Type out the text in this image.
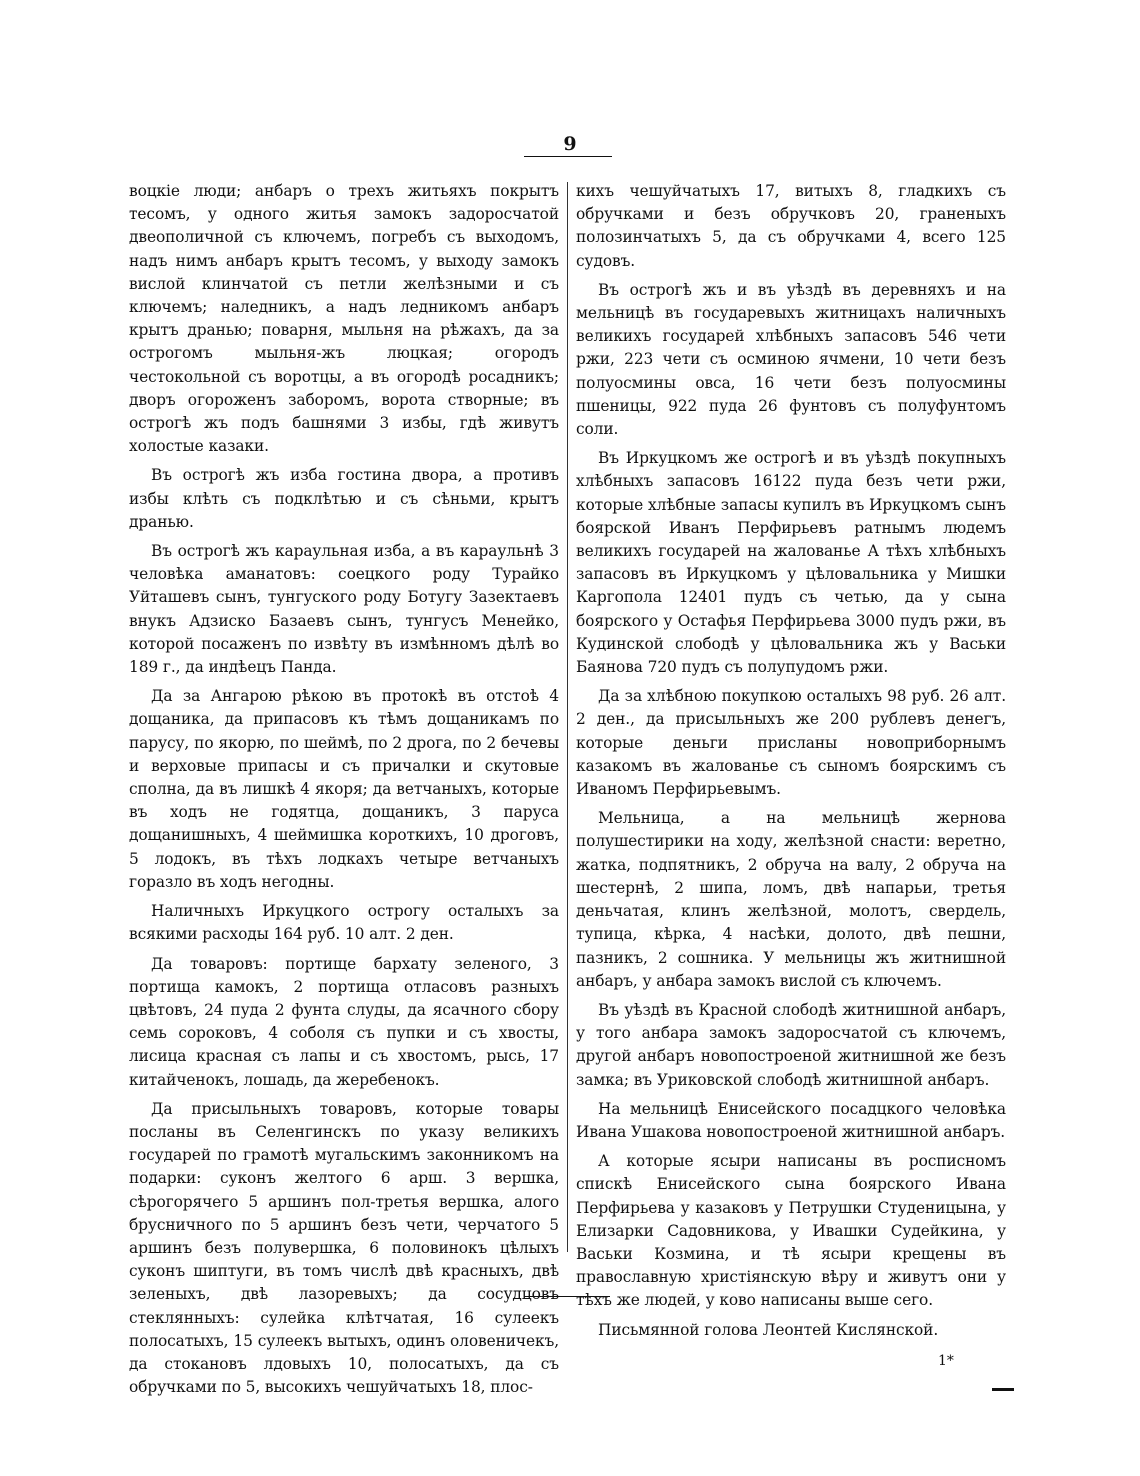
9

воцкіе люди; анбаръ о трехъ житьяхъ покрытъ тесомъ, у одного житья замокъ задоросчатой двеополичной съ ключемъ, погребъ съ выходомъ, надъ нимъ анбаръ крытъ тесомъ, у выходу замокъ вислой клинчатой съ петли желѣзными и съ ключемъ; наледникъ, а надъ ледникомъ анбаръ крытъ дранью; поварня, мыльня на рѣжахъ, да за острогомъ мыльня-жъ люцкая; огородъ честокольной съ воротцы, а въ огородѣ росадникъ; дворъ огороженъ заборомъ, ворота створные; въ острогѣ жъ подъ башнями 3 избы, гдѣ живутъ холостые казаки.

Въ острогѣ жъ изба гостина двора, а противъ избы клѣть съ подклѣтью и съ сѣньми, крытъ дранью.

Въ острогѣ жъ караульная изба, а въ караульнѣ 3 человѣка аманатовъ: соецкого роду Турайко Уйташевъ сынъ, тунгуского роду Ботугу Зазектаевъ внукъ Адзиско Базаевъ сынъ, тунгусъ Менейко, которой посаженъ по извѣту въ измѣнномъ дѣлѣ во 189 г., да индѣецъ Панда.

Да за Ангарою рѣкою въ протокѣ въ отстоѣ 4 дощаника, да припасовъ къ тѣмъ дощаникамъ по парусу, по якорю, по шеймѣ, по 2 дрога, по 2 бечевы и верховые припасы и съ причалки и скутовые сполна, да въ лишкѣ 4 якоря; да ветчаныхъ, которые въ ходъ не годятца, дощаникъ, 3 паруса дощанишныхъ, 4 шеймишка короткихъ, 10 дроговъ, 5 лодокъ, въ тѣхъ лодкахъ четыре ветчаныхъ горазло въ ходъ негодны.

Наличныхъ Иркуцкого острогу осталыхъ за всякими расходы 164 руб. 10 алт. 2 ден.

Да товаровъ: портище бархату зеленого, 3 портища камокъ, 2 портища отласовъ разныхъ цвѣтовъ, 24 пуда 2 фунта слуды, да ясачного сбору семь сороковъ, 4 соболя съ пупки и съ хвосты, лисица красная съ лапы и съ хвостомъ, рысь, 17 китайченокъ, лошадь, да жеребенокъ.

Да присыльныхъ товаровъ, которые товары посланы въ Селенгинскъ по указу великихъ государей по грамотѣ мугальскимъ законникомъ на подарки: суконъ желтого 6 арш. 3 вершка, сѣрогорячего 5 аршинъ пол-третья вершка, алого брусничного по 5 аршинъ безъ чети, черчатого 5 аршинъ безъ полувершка, 6 половинокъ цѣлыхъ суконъ шиптуги, въ томъ числѣ двѣ красныхъ, двѣ зеленыхъ, двѣ лазоревыхъ; да сосудцовъ стеклянныхъ: сулейка клѣтчатая, 16 сулеекъ полосатыхъ, 15 сулеекъ вытыхъ, одинъ оловеничекъ, да стокановъ лдовыхъ 10, полосатыхъ, да съ обручками по 5, высокихъ чешуйчатыхъ 18, плос-

кихъ чешуйчатыхъ 17, витыхъ 8, гладкихъ съ обручками и безъ обручковъ 20, граненыхъ полозинчатыхъ 5, да съ обручками 4, всего 125 судовъ.

Въ острогѣ жъ и въ уѣздѣ въ деревняхъ и на мельницѣ въ государевыхъ житницахъ наличныхъ великихъ государей хлѣбныхъ запасовъ 546 чети ржи, 223 чети съ осминою ячмени, 10 чети безъ полуосмины овса, 16 чети безъ полуосмины пшеницы, 922 пуда 26 фунтовъ съ полуфунтомъ соли.

Въ Иркуцкомъ же острогѣ и въ уѣздѣ покупныхъ хлѣбныхъ запасовъ 16122 пуда безъ чети ржи, которые хлѣбные запасы купилъ въ Иркуцкомъ сынъ боярской Иванъ Перфирьевъ ратнымъ людемъ великихъ государей на жалованье А тѣхъ хлѣбныхъ запасовъ въ Иркуцкомъ у цѣловальника у Мишки Каргопола 12401 пудъ съ четью, да у сына боярского у Остафья Перфирьева 3000 пудъ ржи, въ Кудинской слободѣ у цѣловальника жъ у Васьки Баянова 720 пудъ съ полупудомъ ржи.

Да за хлѣбною покупкою осталыхъ 98 руб. 26 алт. 2 ден., да присыльныхъ же 200 рублевъ денегъ, которые деньги присланы новоприборнымъ казакомъ въ жалованье съ сыномъ боярскимъ съ Иваномъ Перфирьевымъ.

Мельница, а на мельницѣ жернова полушестирики на ходу, желѣзной снасти: веретно, жатка, подпятникъ, 2 обруча на валу, 2 обруча на шестернѣ, 2 шипа, ломъ, двѣ напарьи, третья деньчатая, клинъ желѣзной, молотъ, свердель, тупица, кѣрка, 4 насѣки, долото, двѣ пешни, пазникъ, 2 сошника. У мельницы жъ житнишной анбаръ, у анбара замокъ вислой съ ключемъ.

Въ уѣздѣ въ Красной слободѣ житнишной анбаръ, у того анбара замокъ задоросчатой съ ключемъ, другой анбаръ новопостроеной житнишной же безъ замка; въ Уриковской слободѣ житнишной анбаръ.

На мельницѣ Енисейского посадцкого человѣка Ивана Ушакова новопостроеной житнишной анбаръ.

А которые ясыри написаны въ росписномъ спискѣ Енисейского сына боярского Ивана Перфирьева у казаковъ у Петрушки Студеницына, у Елизарки Садовникова, у Ивашки Судейкина, у Васьки Козмина, и тѣ ясыри крещены въ православную христіянскую вѣру и живутъ они у тѣхъ же людей, у ково написаны выше сего.

Письмянной голова Леонтей Кислянской.

1*
